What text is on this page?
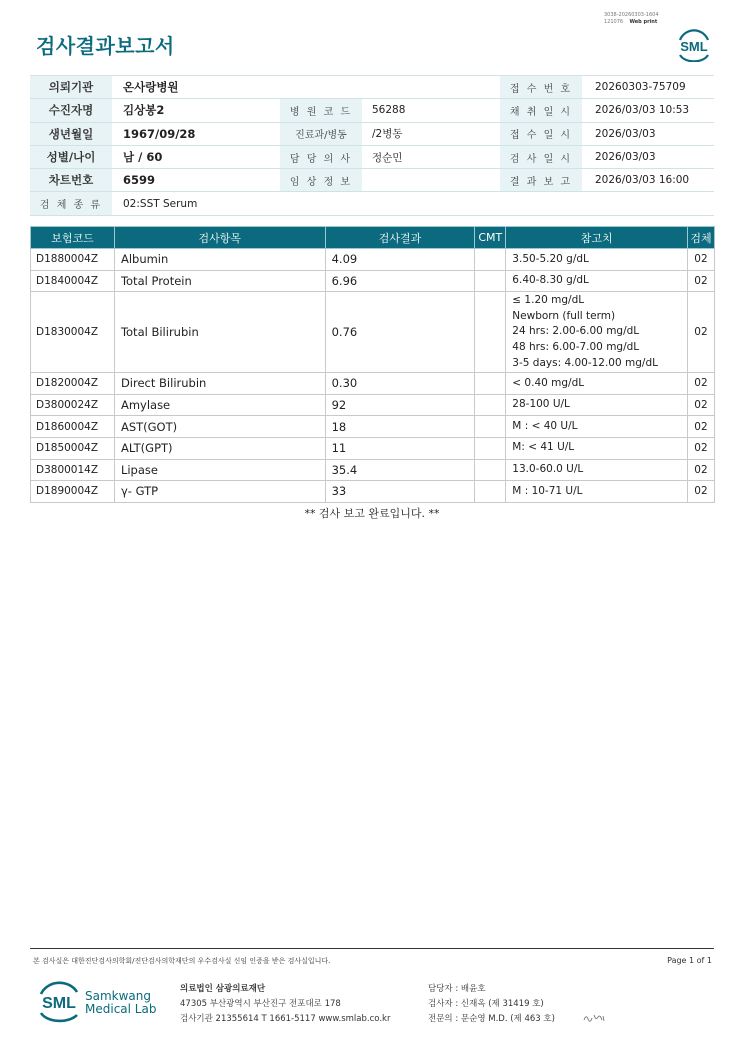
검사결과보고서
3038-20260303-1604
121076 Web print
SML
의뢰기관	온사랑병원			접 수 번 호	20260303-75709
수진자명	김상봉2	병 원 코 드	56288	채 취 일 시	2026/03/03 10:53
생년월일	1967/09/28	진료과/병동	/2병동	접 수 일 시	2026/03/03
성별/나이	남 / 60	담 당 의 사	정순민	검 사 일 시	2026/03/03
차트번호	6599	임 상 정 보		결 과 보 고	2026/03/03 16:00
검 체 종 류	02:SST Serum				
보험코드	검사항목	검사결과	CMT	참고치	검체
D1880004Z	Albumin	4.09		3.50-5.20 g/dL	02
D1840004Z	Total Protein	6.96		6.40-8.30 g/dL	02
D1830004Z	Total Bilirubin	0.76		≤ 1.20 mg/dL
Newborn (full term)
24 hrs: 2.00-6.00 mg/dL
48 hrs: 6.00-7.00 mg/dL
3-5 days: 4.00-12.00 mg/dL	02
D1820004Z	Direct Bilirubin	0.30		< 0.40 mg/dL	02
D3800024Z	Amylase	92		28-100 U/L	02
D1860004Z	AST(GOT)	18		M : < 40 U/L	02
D1850004Z	ALT(GPT)	11		M: < 41 U/L	02
D3800014Z	Lipase	35.4		13.0-60.0 U/L	02
D1890004Z	γ- GTP	33		M : 10-71 U/L	02
** 검사 보고 완료입니다. **
본 검사실은 대한진단검사의학회/진단검사의학재단의 우수검사실 신임 인증을 받은 검사실입니다.	Page 1 of 1
SML Samkwang
Medical Lab
의료법인 삼광의료재단
47305 부산광역시 부산진구 전포대로 178
검사기관 21355614 T 1661-5117 www.smlab.co.kr
담당자 : 배윤호
검사자 : 신재옥 (제 31419 호)
전문의 : 문순영 M.D. (제 463 호)
